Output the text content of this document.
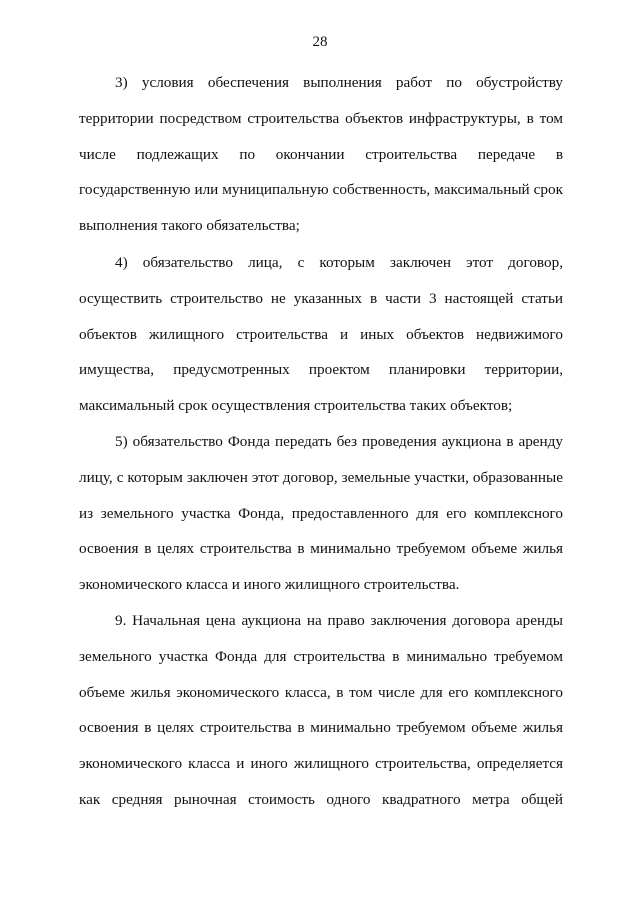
28
3) условия обеспечения выполнения работ по обустройству
территории посредством строительства объектов инфраструктуры, в том
числе подлежащих по окончании строительства передаче в
государственную или муниципальную собственность, максимальный срок
выполнения такого обязательства;
4) обязательство лица, с которым заключен этот договор,
осуществить строительство не указанных в части 3 настоящей статьи
объектов жилищного строительства и иных объектов недвижимого
имущества, предусмотренных проектом планировки территории,
максимальный срок осуществления строительства таких объектов;
5) обязательство Фонда передать без проведения аукциона в аренду
лицу, с которым заключен этот договор, земельные участки, образованные
из земельного участка Фонда, предоставленного для его комплексного
освоения в целях строительства в минимально требуемом объеме жилья
экономического класса и иного жилищного строительства.
9. Начальная цена аукциона на право заключения договора аренды
земельного участка Фонда для строительства в минимально требуемом
объеме жилья экономического класса, в том числе для его комплексного
освоения в целях строительства в минимально требуемом объеме жилья
экономического класса и иного жилищного строительства, определяется
как средняя рыночная стоимость одного квадратного метра общей
